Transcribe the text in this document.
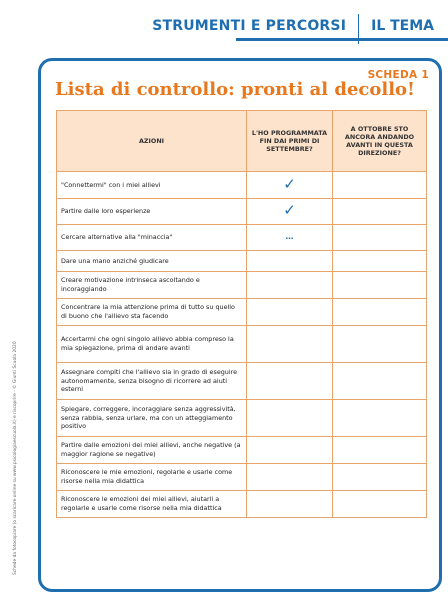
STRUMENTI E PERCORSI	IL TEMA
Schede da fotocopiare (o scaricare online su www.psicologiaescuola.it) e riscoprire - © Giunti Scuola 2020
SCHEDA 1
Lista di controllo: pronti al decollo!
AZIONI	L'HO PROGRAMMATA FIN DAI PRIMI DI SETTEMBRE?	A OTTOBRE STO ANCORA ANDANDO AVANTI IN QUESTA DIREZIONE?
"Connettermi" con i miei allievi	✓	
Partire dalle loro esperienze	✓	
Cercare alternative alla "minaccia"	…	
Dare una mano anziché giudicare		
Creare motivazione intrinseca ascoltando e incoraggiando		
Concentrare la mia attenzione prima di tutto su quello di buono che l'allievo sta facendo		
Accertarmi che ogni singolo allievo abbia compreso la mia spiegazione, prima di andare avanti		
Assegnare compiti che l'allievo sia in grado di eseguire autonomamente, senza bisogno di ricorrere ad aiuti esterni		
Spiegare, correggere, incoraggiare senza aggressività, senza rabbia, senza urlare, ma con un atteggiamento positivo		
Partire dalle emozioni dei miei allievi, anche negative (a maggior ragione se negative)		
Riconoscere le mie emozioni, regolarle e usarle come risorse nella mia didattica		
Riconoscere le emozioni dei miei allievi, aiutarli a regolarle e usarle come risorse nella mia didattica		
